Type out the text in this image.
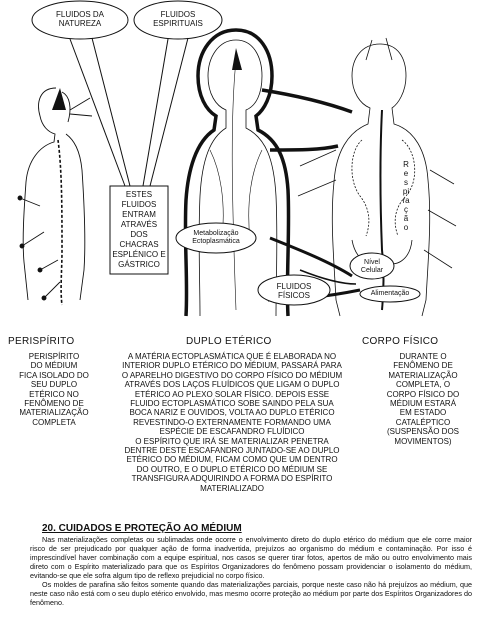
FLUIDOS DA NATUREZA
FLUIDOS ESPIRITUAIS
ESTES FLUIDOS ENTRAM ATRAVÉS DOS CHACRAS ESPLÉNICO E GÁSTRICO
Metabolização Ectoplasmática
FLUIDOS FÍSICOS
Nível Celular
Alimentação
Respiração
PERISPÍRITO	DUPLO ETÉRICO	CORPO FÍSICO
PERISPÍRITO
DO MÉDIUM
FICA ISOLADO DO
SEU DUPLO
ETÉRICO NO
FENÔMENO DE
MATERIALIZAÇÃO
COMPLETA
A MATÉRIA ECTOPLASMÁTICA QUE É ELABORADA NO
INTERIOR DUPLO ETÉRICO DO MÉDIUM, PASSARÁ PARA
O APARELHO DIGESTIVO DO CORPO FÍSICO DO MÉDIUM
ATRAVÉS DOS LAÇOS FLUÍDICOS QUE LIGAM O DUPLO
ETÉRICO AO PLEXO SOLAR FÍSICO. DEPOIS ESSE
FLUIDO ECTOPLASMÁTICO SOBE SAINDO PELA SUA
BOCA NARIZ E OUVIDOS, VOLTA AO DUPLO ETÉRICO
REVESTINDO-O EXTERNAMENTE FORMANDO UMA
ESPÉCIE DE ESCAFANDRO FLUÍDICO
O ESPÍRITO QUE IRÁ SE MATERIALIZAR PENETRA
DENTRE DESTE ESCAFANDRO JUNTADO-SE AO DUPLO
ETÉRICO DO MÉDIUM, FICAM COMO QUE UM DENTRO
DO OUTRO, E O DUPLO ETÉRICO DO MÉDIUM SE
TRANSFIGURA ADQUIRINDO A FORMA DO ESPÍRITO
MATERIALIZADO
DURANTE O
FENÔMENO DE
MATERIALIZAÇÃO
COMPLETA, O
CORPO FÍSICO DO
MÉDIUM ESTARÁ
EM ESTADO
CATALÉPTICO
(SUSPENSÃO DOS
MOVIMENTOS)
20. CUIDADOS E PROTEÇÃO AO MÉDIUM

Nas materializações completas ou sublimadas onde ocorre o envolvimento direto do duplo etérico do médium que ele corre maior risco de ser prejudicado por qualquer ação de forma inadvertida, prejuízos ao organismo do médium e contaminação. Por isso é imprescindível haver combinação com a equipe espiritual, nos casos se querer tirar fotos, apertos de mão ou outro envolvimento mais direto com o Espírito materializado para que os Espíritos Organizadores do fenômeno possam providenciar o isolamento do médium, evitando-se que ele sofra algum tipo de reflexo prejudicial no corpo físico.

Os moldes de parafina são feitos somente quando das materializações parciais, porque neste caso não há prejuízos ao médium, que neste caso não está com o seu duplo etérico envolvido, mas mesmo ocorre proteção ao médium por parte dos Espíritos Organizadores do fenômeno.
